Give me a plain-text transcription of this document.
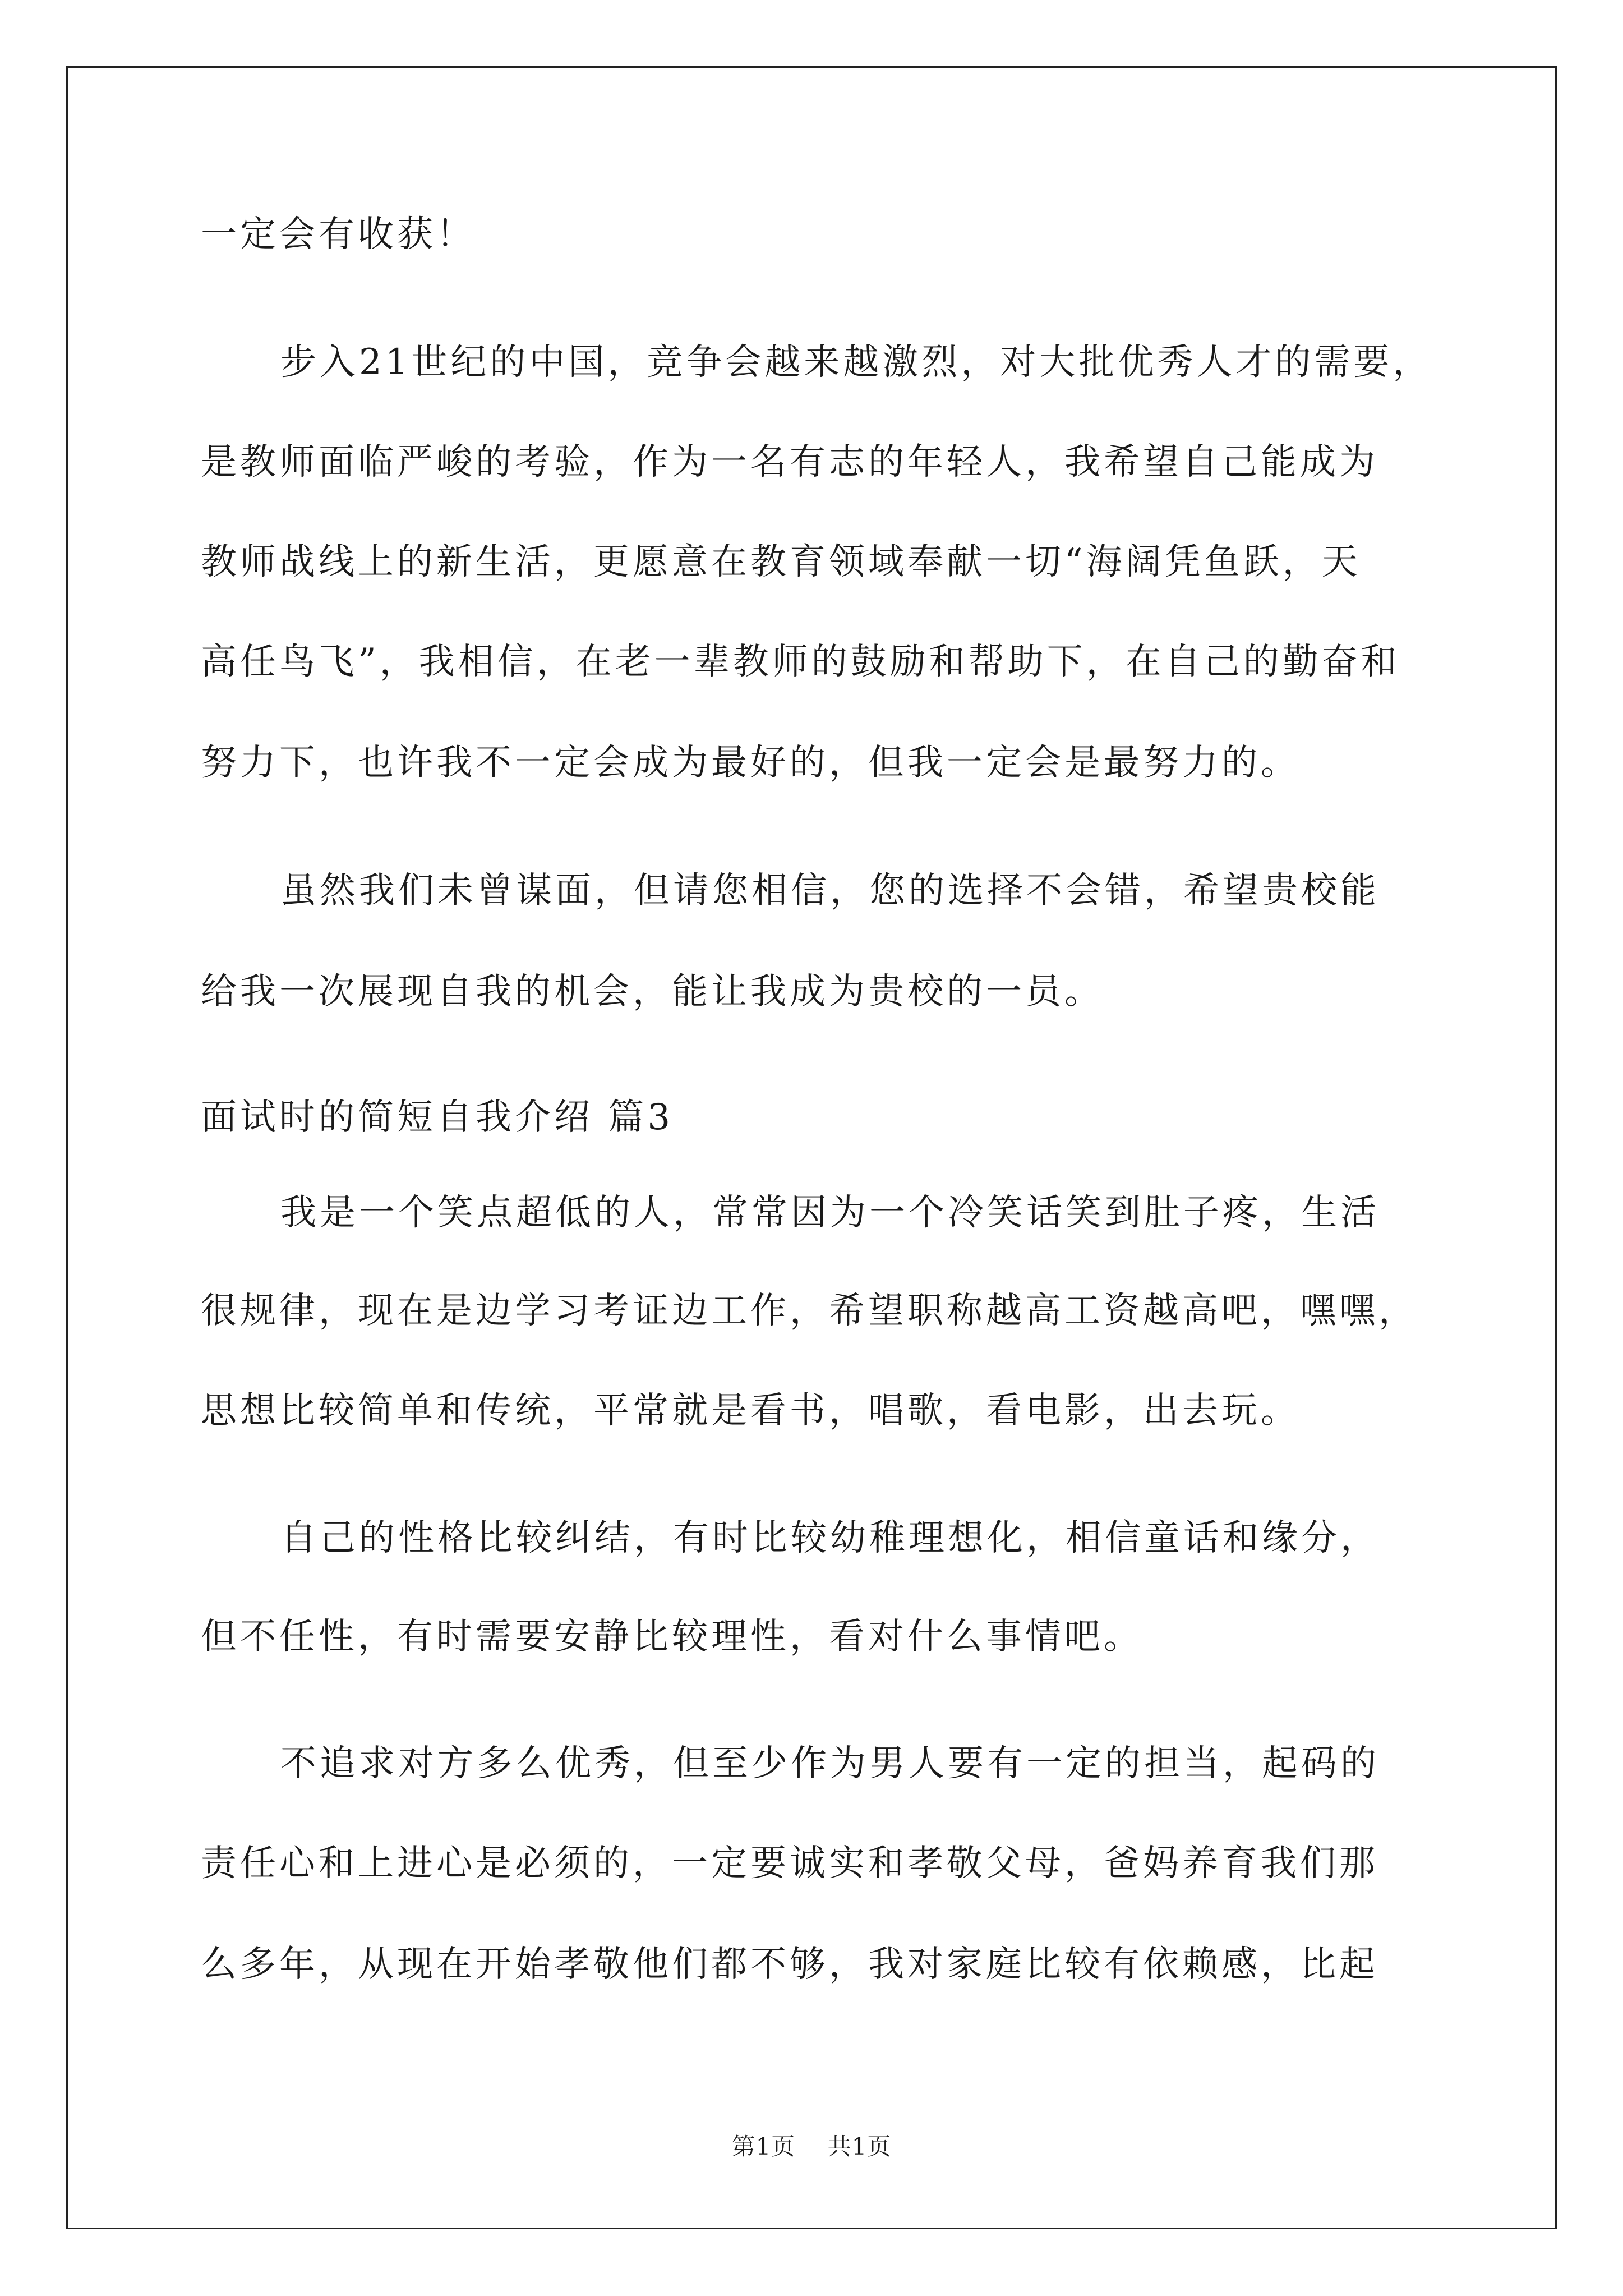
一定会有收获！

步入21世纪的中国，竞争会越来越激烈，对大批优秀人才的需要，

是教师面临严峻的考验，作为一名有志的年轻人，我希望自己能成为

教师战线上的新生活，更愿意在教育领域奉献一切“海阔凭鱼跃，天

高任鸟飞”，我相信，在老一辈教师的鼓励和帮助下，在自己的勤奋和

努力下，也许我不一定会成为最好的，但我一定会是最努力的。

虽然我们未曾谋面，但请您相信，您的选择不会错，希望贵校能

给我一次展现自我的机会，能让我成为贵校的一员。

面试时的简短自我介绍 篇3

我是一个笑点超低的人，常常因为一个冷笑话笑到肚子疼，生活

很规律，现在是边学习考证边工作，希望职称越高工资越高吧，嘿嘿，

思想比较简单和传统，平常就是看书，唱歌，看电影，出去玩。

自己的性格比较纠结，有时比较幼稚理想化，相信童话和缘分，

但不任性，有时需要安静比较理性，看对什么事情吧。

不追求对方多么优秀，但至少作为男人要有一定的担当，起码的

责任心和上进心是必须的，一定要诚实和孝敬父母，爸妈养育我们那

么多年，从现在开始孝敬他们都不够，我对家庭比较有依赖感，比起

第1页    共1页
